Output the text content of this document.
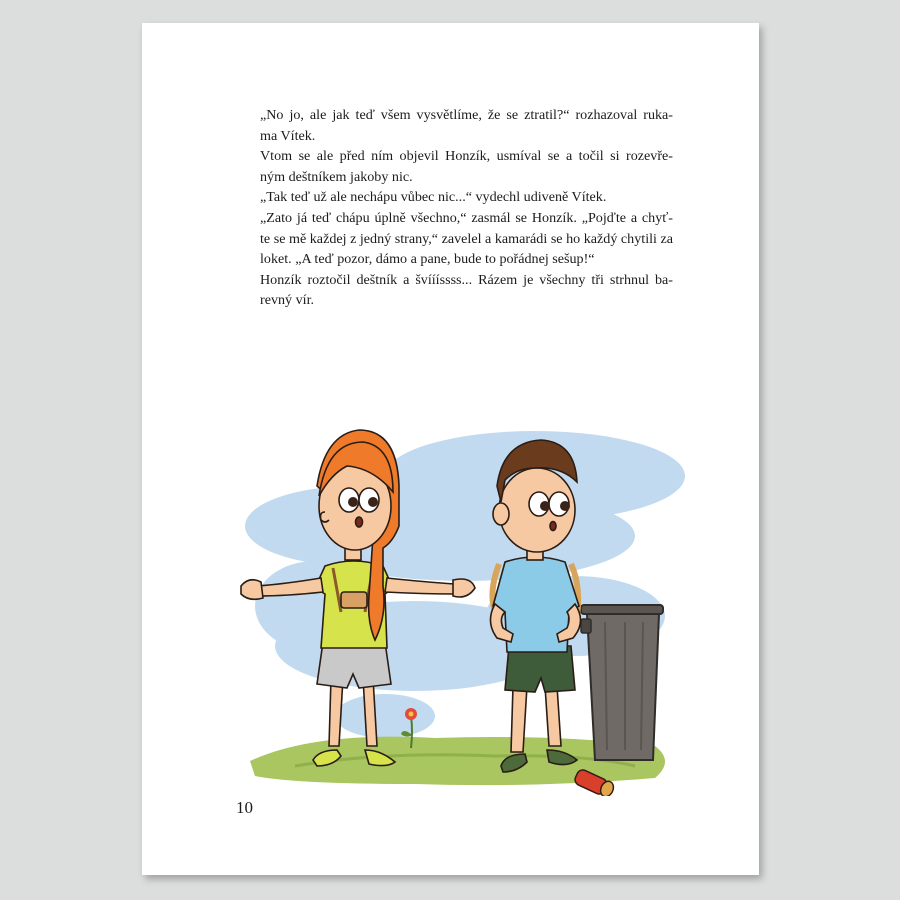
„No jo, ale jak teď všem vysvětlíme, že se ztratil?“ rozhazoval ruka-
ma Vítek.

Vtom se ale před ním objevil Honzík, usmíval se a točil si rozevře-
ným deštníkem jakoby nic.

„Tak teď už ale nechápu vůbec nic...“ vydechl udiveně Vítek.

„Zato já teď chápu úplně všechno,“ zasmál se Honzík. „Pojďte a chyť-
te se mě každej z jedný strany,“ zavelel a kamarádi se ho každý chytili za
loket. „A teď pozor, dámo a pane, bude to pořádnej sešup!“

Honzík roztočil deštník a švíííssss... Rázem je všechny tři strhnul ba-
revný vír.

10
